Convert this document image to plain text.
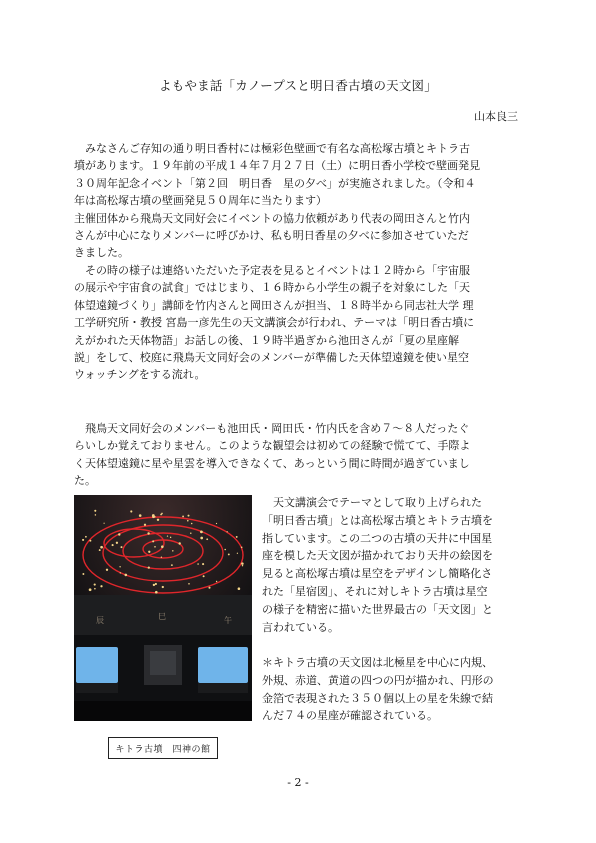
よもやま話「カノープスと明日香古墳の天文図」
山本良三

　みなさんご存知の通り明日香村には極彩色壁画で有名な高松塚古墳とキトラ古
墳があります。１９年前の平成１４年７月２７日（土）に明日香小学校で壁画発見
３０周年記念イベント「第２回　明日香　星の夕べ」が実施されました。（令和４
年は高松塚古墳の壁画発見５０周年に当たります）
主催団体から飛鳥天文同好会にイベントの協力依頼があり代表の岡田さんと竹内
さんが中心になりメンバーに呼びかけ、私も明日香星の夕べに参加させていただ
きました。

　その時の様子は連絡いただいた予定表を見るとイベントは１２時から「宇宙服
の展示や宇宙食の試食」ではじまり、１６時から小学生の親子を対象にした「天
体望遠鏡づくり」講師を竹内さんと岡田さんが担当、１８時半から同志社大学 理
工学研究所・教授 宮島一彦先生の天文講演会が行われ、テーマは「明日香古墳に
えがかれた天体物語」お話しの後、１９時半過ぎから池田さんが「夏の星座解
説」をして、校庭に飛鳥天文同好会のメンバーが準備した天体望遠鏡を使い星空
ウォッチングをする流れ。

　飛鳥天文同好会のメンバーも池田氏・岡田氏・竹内氏を含め７～８人だったぐ
らいしか覚えておりません。このような観望会は初めての経験で慌てて、手際よ
く天体望遠鏡に星や星雲を導入できなくて、あっという間に時間が過ぎていまし
た。

辰	巳	午
キトラ古墳　四神の館

　天文講演会でテーマとして取り上げられた
「明日香古墳」とは高松塚古墳とキトラ古墳を
指しています。この二つの古墳の天井に中国星
座を模した天文図が描かれており天井の絵図を
見ると高松塚古墳は星空をデザインし簡略化さ
れた「星宿図」、それに対しキトラ古墳は星空
の様子を精密に描いた世界最古の「天文図」と
言われている。

＊キトラ古墳の天文図は北極星を中心に内規、
外規、赤道、黄道の四つの円が描かれ、円形の
金箔で表現された３５０個以上の星を朱線で結
んだ７４の星座が確認されている。

- 2 -
